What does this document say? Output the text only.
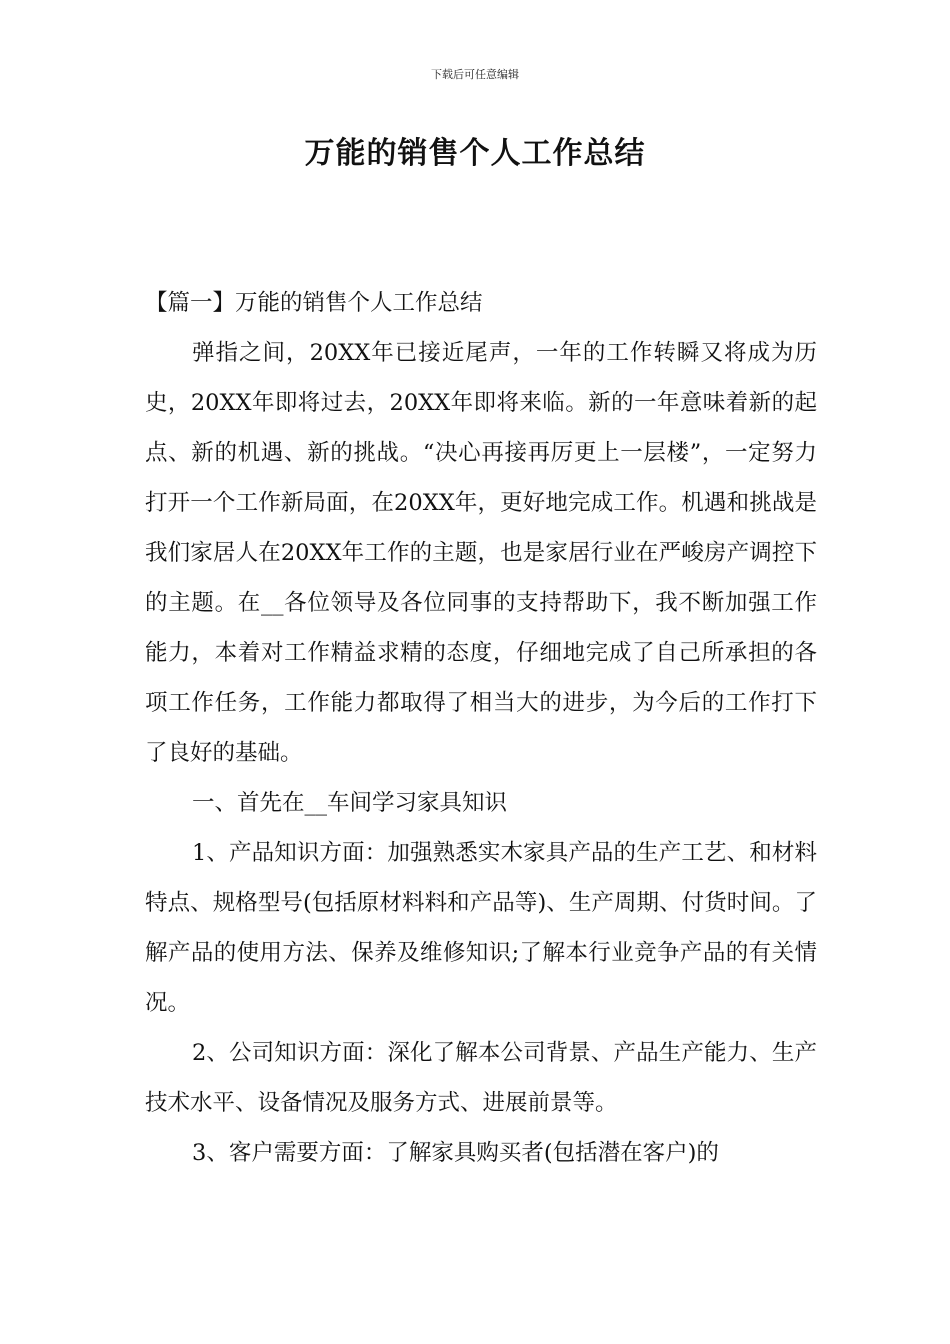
下载后可任意编辑
万能的销售个人工作总结

【篇一】万能的销售个人工作总结

弹指之间，20XX年已接近尾声，一年的工作转瞬又将成为历史，20XX年即将过去，20XX年即将来临。新的一年意味着新的起点、新的机遇、新的挑战。“决心再接再厉更上一层楼”，一定努力打开一个工作新局面，在20XX年，更好地完成工作。机遇和挑战是我们家居人在20XX年工作的主题，也是家居行业在严峻房产调控下的主题。在__各位领导及各位同事的支持帮助下，我不断加强工作能力，本着对工作精益求精的态度，仔细地完成了自己所承担的各项工作任务，工作能力都取得了相当大的进步，为今后的工作打下了良好的基础。

一、首先在__车间学习家具知识

1、产品知识方面：加强熟悉实木家具产品的生产工艺、和材料特点、规格型号(包括原材料料和产品等)、生产周期、付货时间。了解产品的使用方法、保养及维修知识;了解本行业竞争产品的有关情况。

2、公司知识方面：深化了解本公司背景、产品生产能力、生产技术水平、设备情况及服务方式、进展前景等。

3、客户需要方面：了解家具购买者(包括潜在客户)的
